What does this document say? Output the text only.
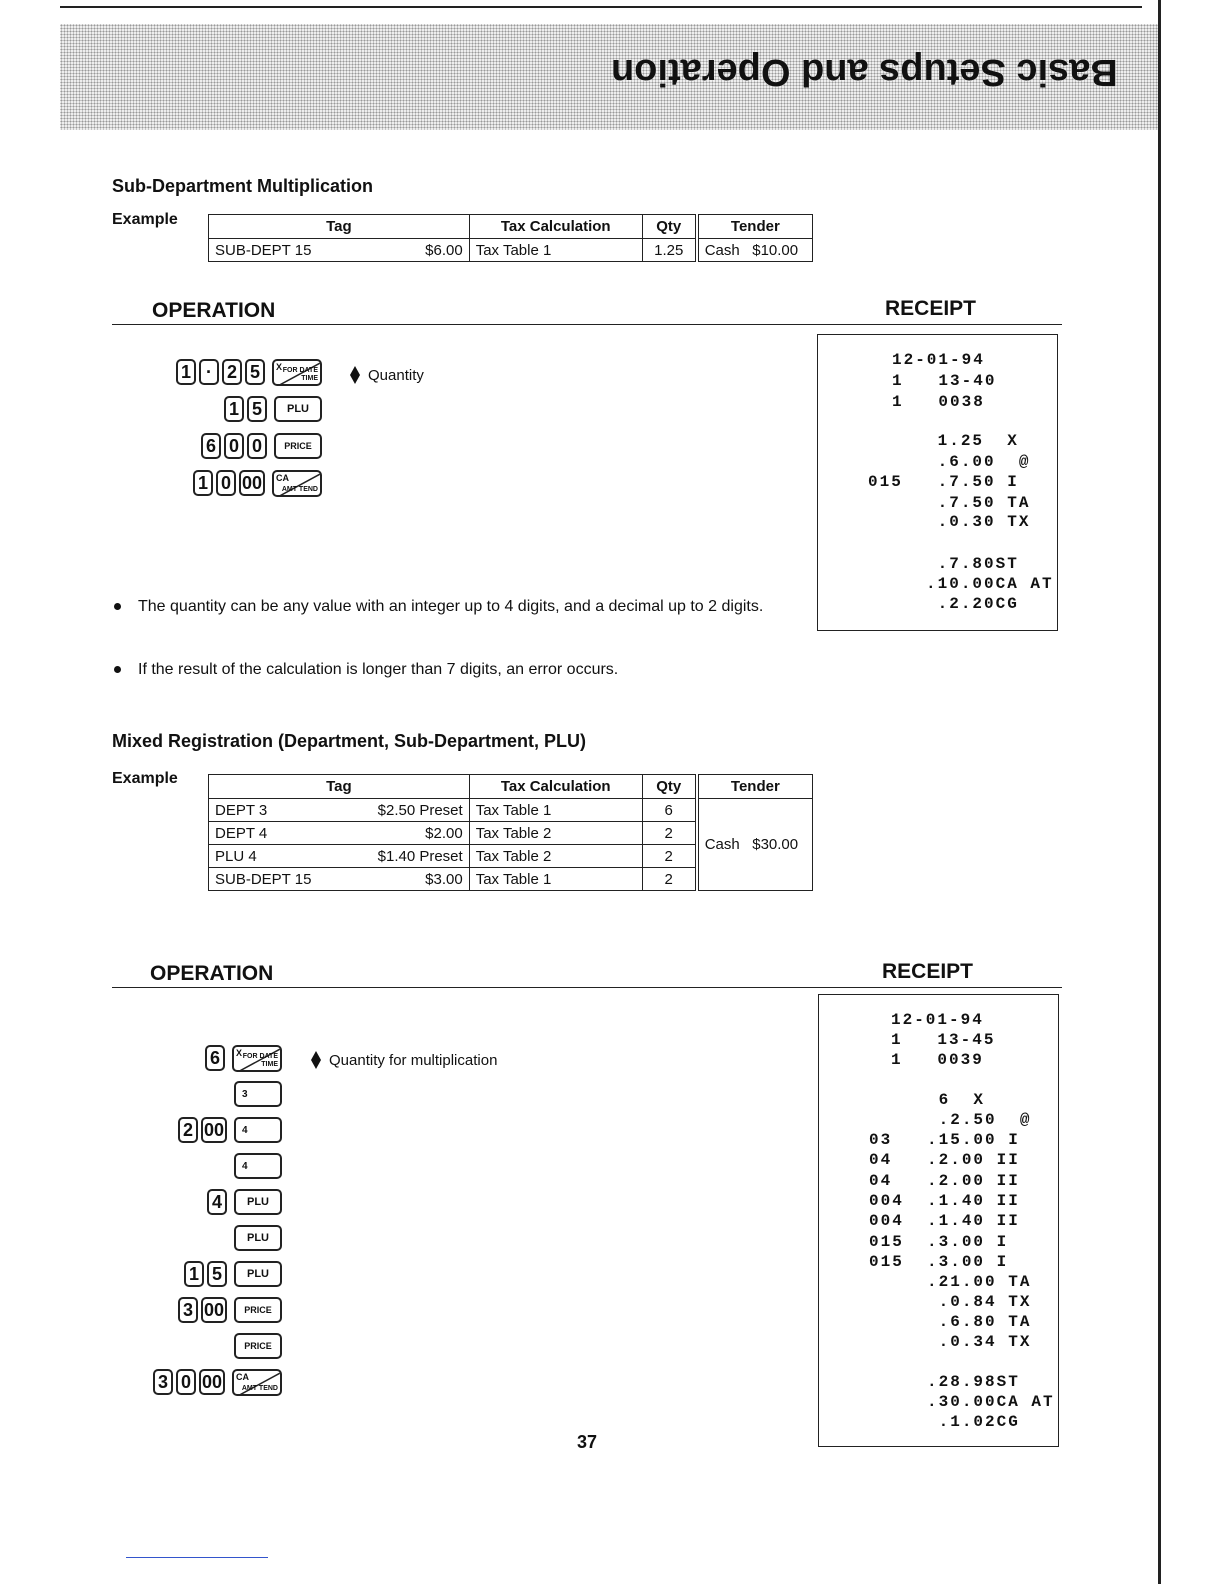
Basic Setups and Operation
Sub-Department Multiplication
Example	Tag		Tax Calculation	Qty	Tender
SUB-DEPT 15	$6.00	Tax Table 1	1.25	Cash   $10.00
OPERATION	RECEIPT
1 · 2 5	X FOR DATE TIME
1 5	PLU
6 0 0	PRICE
1 0 00	CA
AMT TEND
Quantity
The quantity can be any value with an integer up to 4 digits, and a decimal up to 2 digits.
If the result of the calculation is longer than 7 digits, an error occurs.
12-01-94
1   13-40
1   0038
1.25  X
.6.00  @
015   .7.50 I
.7.50 TA
.0.30 TX
.7.80ST
.10.00CA AT
.2.20CG
Mixed Registration (Department, Sub-Department, PLU)
Example	Tag		Tax Calculation	Qty	Tender
DEPT 3	$2.50 Preset	Tax Table 1	6	Cash   $30.00
DEPT 4	$2.00	Tax Table 2	2	
PLU 4	$1.40 Preset	Tax Table 2	2	
SUB-DEPT 15	$3.00	Tax Table 1	2	
OPERATION	RECEIPT
6	X FOR DATE TIME
3
2 00	4
4
4	PLU
PLU
1 5	PLU
3 00	PRICE
PRICE
3 0 00	CA
AMT TEND
Quantity for multiplication
12-01-94
1   13-45
1   0039
6  X
.2.50  @
03   .15.00 I
04   .2.00 II
04   .2.00 II
004  .1.40 II
004  .1.40 II
015  .3.00 I
015  .3.00 I
.21.00 TA
.0.84 TX
.6.80 TA
.0.34 TX
.28.98ST
.30.00CA AT
.1.02CG
37
